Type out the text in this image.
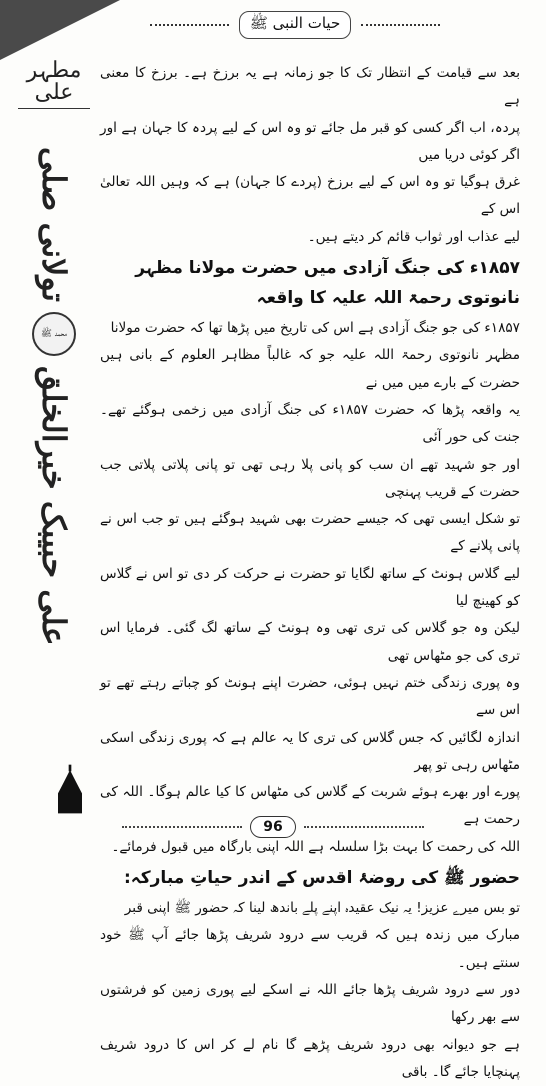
حیات النبی ﷺ
مطہر علی
تولانی صلی
محمد ﷺ
علی حبیبک خیرالخلق

بعد سے قیامت کے انتظار تک کا جو زمانہ ہے یہ برزخ ہے۔ برزخ کا معنی ہے
پردہ، اب اگر کسی کو قبر مل جائے تو وہ اس کے لیے پردہ کا جہان ہے اور اگر کوئی دریا میں
غرق ہوگیا تو وہ اس کے لیے برزخ (پردے کا جہان) ہے کہ وہیں اللہ تعالیٰ اس کے
لیے عذاب اور ثواب قائم کر دیتے ہیں۔

۱۸۵۷ء کی جنگ آزادی میں حضرت مولانا مظہر نانوتوی رحمۃ اللہ علیہ کا واقعہ

۱۸۵۷ء کی جو جنگ آزادی ہے اس کی تاریخ میں پڑھا تھا کہ حضرت مولانا
مظہر نانوتوی رحمۃ اللہ علیہ جو کہ غالباً مظاہر العلوم کے بانی ہیں حضرت کے بارے میں میں نے
یہ واقعہ پڑھا کہ حضرت ۱۸۵۷ء کی جنگ آزادی میں زخمی ہوگئے تھے۔ جنت کی حور آئی
اور جو شہید تھے ان سب کو پانی پلا رہی تھی تو پانی پلاتی پلاتی جب حضرت کے قریب پہنچی
تو شکل ایسی تھی کہ جیسے حضرت بھی شہید ہوگئے ہیں تو جب اس نے پانی پلانے کے
لیے گلاس ہونٹ کے ساتھ لگایا تو حضرت نے حرکت کر دی تو اس نے گلاس کو کھینچ لیا
لیکن وہ جو گلاس کی تری تھی وہ ہونٹ کے ساتھ لگ گئی۔ فرمایا اس تری کی جو مٹھاس تھی
وہ پوری زندگی ختم نہیں ہوئی، حضرت اپنے ہونٹ کو چباتے رہتے تھے تو اس سے
اندازہ لگائیں کہ جس گلاس کی تری کا یہ عالم ہے کہ پوری زندگی اسکی مٹھاس رہی تو پھر
پورے اور بھرے ہوئے شربت کے گلاس کی مٹھاس کا کیا عالم ہوگا۔ اللہ کی رحمت ہے
اللہ کی رحمت کا بہت بڑا سلسلہ ہے اللہ اپنی بارگاہ میں قبول فرمائے۔

حضور ﷺ کی روضۂ اقدس کے اندر حیاتِ مبارکہ:

تو بس میرے عزیز! یہ نیک عقیدہ اپنے پلے باندھ لینا کہ حضور ﷺ اپنی قبر
مبارک میں زندہ ہیں کہ قریب سے درود شریف پڑھا جائے آپ ﷺ خود سنتے ہیں۔
دور سے درود شریف پڑھا جائے اللہ نے اسکے لیے پوری زمین کو فرشتوں سے بھر رکھا
ہے جو دیوانہ بھی درود شریف پڑھے گا نام لے کر اس کا درود شریف پہنچایا جائے گا۔ باقی

96
